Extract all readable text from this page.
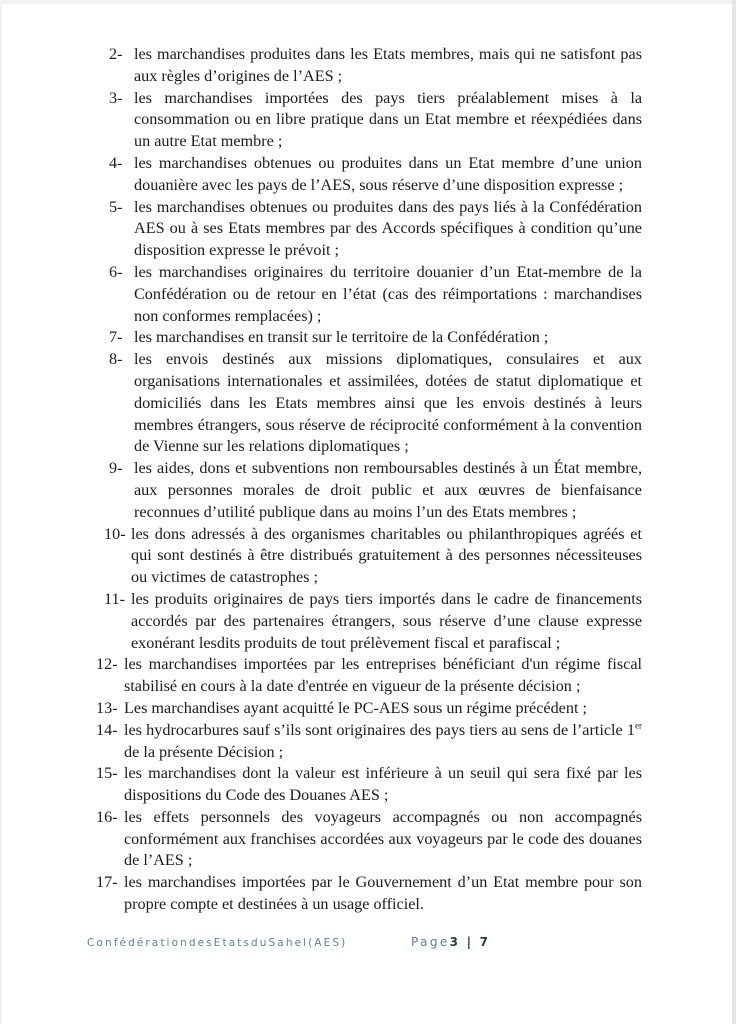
2- les marchandises produites dans les Etats membres, mais qui ne satisfont pas aux règles d’origines de l’AES ;
3- les marchandises importées des pays tiers préalablement mises à la consommation ou en libre pratique dans un Etat membre et réexpédiées dans un autre Etat membre ;
4- les marchandises obtenues ou produites dans un Etat membre d’une union douanière avec les pays de l’AES, sous réserve d’une disposition expresse ;
5- les marchandises obtenues ou produites dans des pays liés à la Confédération AES ou à ses Etats membres par des Accords spécifiques à condition qu’une disposition expresse le prévoit ;
6- les marchandises originaires du territoire douanier d’un Etat-membre de la Confédération ou de retour en l’état (cas des réimportations : marchandises non conformes remplacées) ;
7- les marchandises en transit sur le territoire de la Confédération ;
8- les envois destinés aux missions diplomatiques, consulaires et aux organisations internationales et assimilées, dotées de statut diplomatique et domiciliés dans les Etats membres ainsi que les envois destinés à leurs membres étrangers, sous réserve de réciprocité conformément à la convention de Vienne sur les relations diplomatiques ;
9- les aides, dons et subventions non remboursables destinés à un État membre, aux personnes morales de droit public et aux œuvres de bienfaisance reconnues d’utilité publique dans au moins l’un des Etats membres ;
10- les dons adressés à des organismes charitables ou philanthropiques agréés et qui sont destinés à être distribués gratuitement à des personnes nécessiteuses ou victimes de catastrophes ;
11- les produits originaires de pays tiers importés dans le cadre de financements accordés par des partenaires étrangers, sous réserve d’une clause expresse exonérant lesdits produits de tout prélèvement fiscal et parafiscal ;
12- les marchandises importées par les entreprises bénéficiant d'un régime fiscal stabilisé en cours à la date d'entrée en vigueur de la présente décision ;
13- Les marchandises ayant acquitté le PC-AES sous un régime précédent ;
14- les hydrocarbures sauf s’ils sont originaires des pays tiers au sens de l’article 1er de la présente Décision ;
15- les marchandises dont la valeur est inférieure à un seuil qui sera fixé par les dispositions du Code des Douanes AES ;
16- les effets personnels des voyageurs accompagnés ou non accompagnés conformément aux franchises accordées aux voyageurs par le code des douanes de l’AES ;
17- les marchandises importées par le Gouvernement d’un Etat membre pour son propre compte et destinées à un usage officiel.
ConfédérationdesEtatsduSahel(AES)	Page3 | 7
